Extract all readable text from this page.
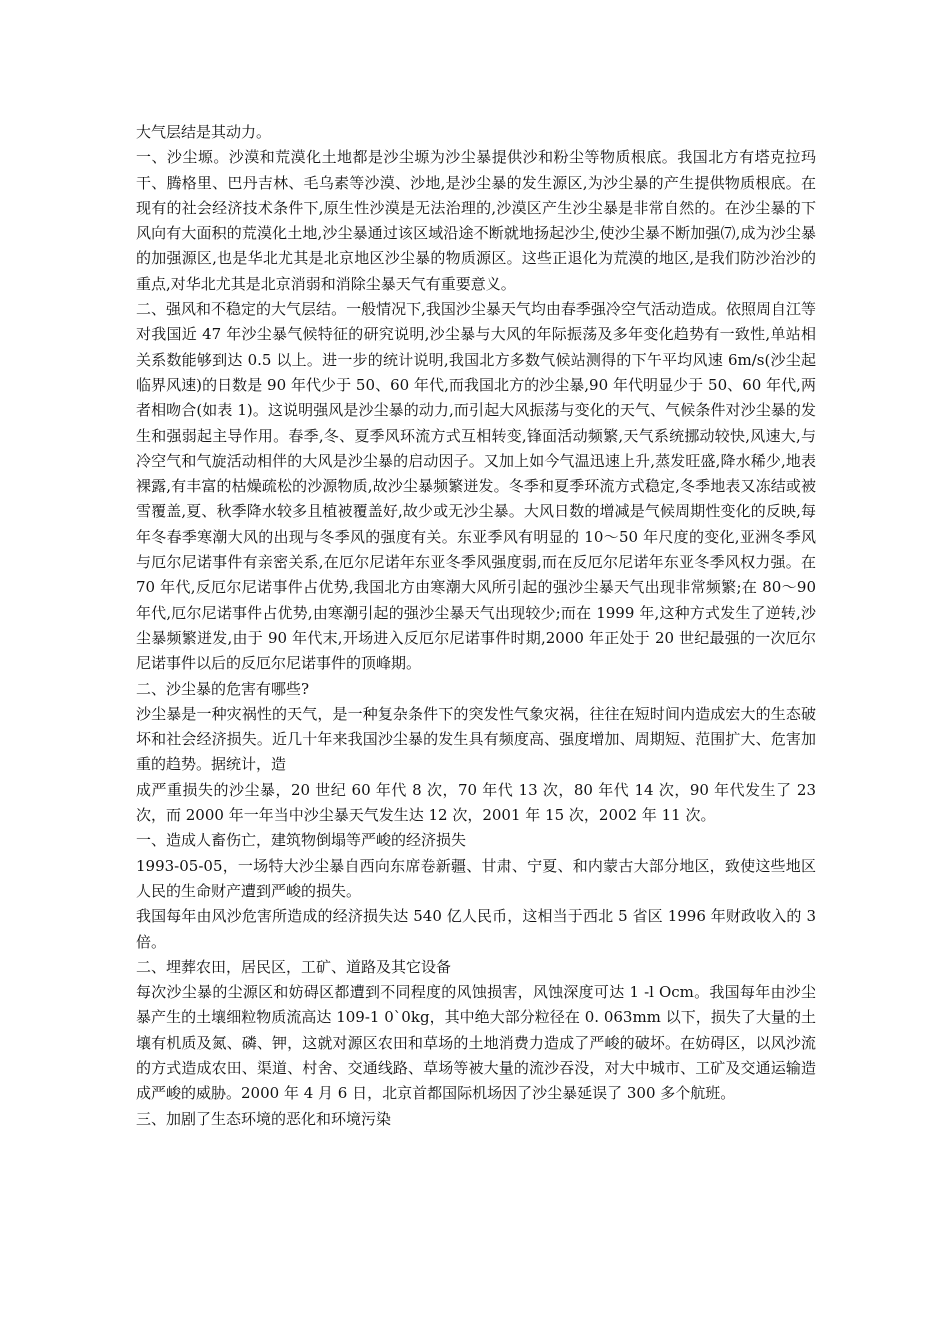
大气层结是其动力。

一、沙尘塬。沙漠和荒漠化土地都是沙尘塬为沙尘暴提供沙和粉尘等物质根底。我国北方有塔克拉玛干、腾格里、巴丹吉林、毛乌素等沙漠、沙地,是沙尘暴的发生源区,为沙尘暴的产生提供物质根底。在现有的社会经济技术条件下,原生性沙漠是无法治理的,沙漠区产生沙尘暴是非常自然的。在沙尘暴的下风向有大面积的荒漠化土地,沙尘暴通过该区域沿途不断就地扬起沙尘,使沙尘暴不断加强⑺,成为沙尘暴的加强源区,也是华北尤其是北京地区沙尘暴的物质源区。这些正退化为荒漠的地区,是我们防沙治沙的重点,对华北尤其是北京消弱和消除尘暴天气有重要意义。

二、强风和不稳定的大气层结。一般情况下,我国沙尘暴天气均由春季强冷空气活动造成。依照周自江等对我国近 47 年沙尘暴气候特征的研究说明,沙尘暴与大风的年际振荡及多年变化趋势有一致性,单站相关系数能够到达 0.5 以上。进一步的统计说明,我国北方多数气候站测得的下午平均风速 6m/s(沙尘起临界风速)的日数是 90 年代少于 50、60 年代,而我国北方的沙尘暴,90 年代明显少于 50、60 年代,两者相吻合(如表 1)。这说明强风是沙尘暴的动力,而引起大风振荡与变化的天气、气候条件对沙尘暴的发生和强弱起主导作用。春季,冬、夏季风环流方式互相转变,锋面活动频繁,天气系统挪动较快,风速大,与冷空气和气旋活动相伴的大风是沙尘暴的启动因子。又加上如今气温迅速上升,蒸发旺盛,降水稀少,地表裸露,有丰富的枯燥疏松的沙源物质,故沙尘暴频繁迸发。冬季和夏季环流方式稳定,冬季地表又冻结或被雪覆盖,夏、秋季降水较多且植被覆盖好,故少或无沙尘暴。大风日数的增减是气候周期性变化的反映,每年冬春季寒潮大风的出现与冬季风的强度有关。东亚季风有明显的 10～50 年尺度的变化,亚洲冬季风与厄尔尼诺事件有亲密关系,在厄尔尼诺年东亚冬季风强度弱,而在反厄尔尼诺年东亚冬季风权力强。在 70 年代,反厄尔尼诺事件占优势,我国北方由寒潮大风所引起的强沙尘暴天气出现非常频繁;在 80～90 年代,厄尔尼诺事件占优势,由寒潮引起的强沙尘暴天气出现较少;而在 1999 年,这种方式发生了逆转,沙尘暴频繁迸发,由于 90 年代末,开场进入反厄尔尼诺事件时期,2000 年正处于 20 世纪最强的一次厄尔尼诺事件以后的反厄尔尼诺事件的顶峰期。

二、沙尘暴的危害有哪些?

沙尘暴是一种灾祸性的天气，是一种复杂条件下的突发性气象灾祸，往往在短时间内造成宏大的生态破坏和社会经济损失。近几十年来我国沙尘暴的发生具有频度高、强度增加、周期短、范围扩大、危害加重的趋势。据统计，造

成严重损失的沙尘暴，20 世纪 60 年代 8 次，70 年代 13 次，80 年代 14 次，90 年代发生了 23 次，而 2000 年一年当中沙尘暴天气发生达 12 次，2001 年 15 次，2002 年 11 次。

一、造成人畜伤亡，建筑物倒塌等严峻的经济损失

1993-05-05，一场特大沙尘暴自西向东席卷新疆、甘肃、宁夏、和内蒙古大部分地区，致使这些地区人民的生命财产遭到严峻的损失。

我国每年由风沙危害所造成的经济损失达 540 亿人民币，这相当于西北 5 省区 1996 年财政收入的 3 倍。

二、埋葬农田，居民区，工矿、道路及其它设备

每次沙尘暴的尘源区和妨碍区都遭到不同程度的风蚀损害，风蚀深度可达 1 -l Ocm。我国每年由沙尘暴产生的土壤细粒物质流高达 109-1 0`0kg，其中绝大部分粒径在 0. 063mm 以下，损失了大量的土壤有机质及氮、磷、钾，这就对源区农田和草场的土地消费力造成了严峻的破坏。在妨碍区，以风沙流的方式造成农田、渠道、村舍、交通线路、草场等被大量的流沙吞没，对大中城市、工矿及交通运输造成严峻的威胁。2000 年 4 月 6 日，北京首都国际机场因了沙尘暴延误了 300 多个航班。

三、加剧了生态环境的恶化和环境污染
